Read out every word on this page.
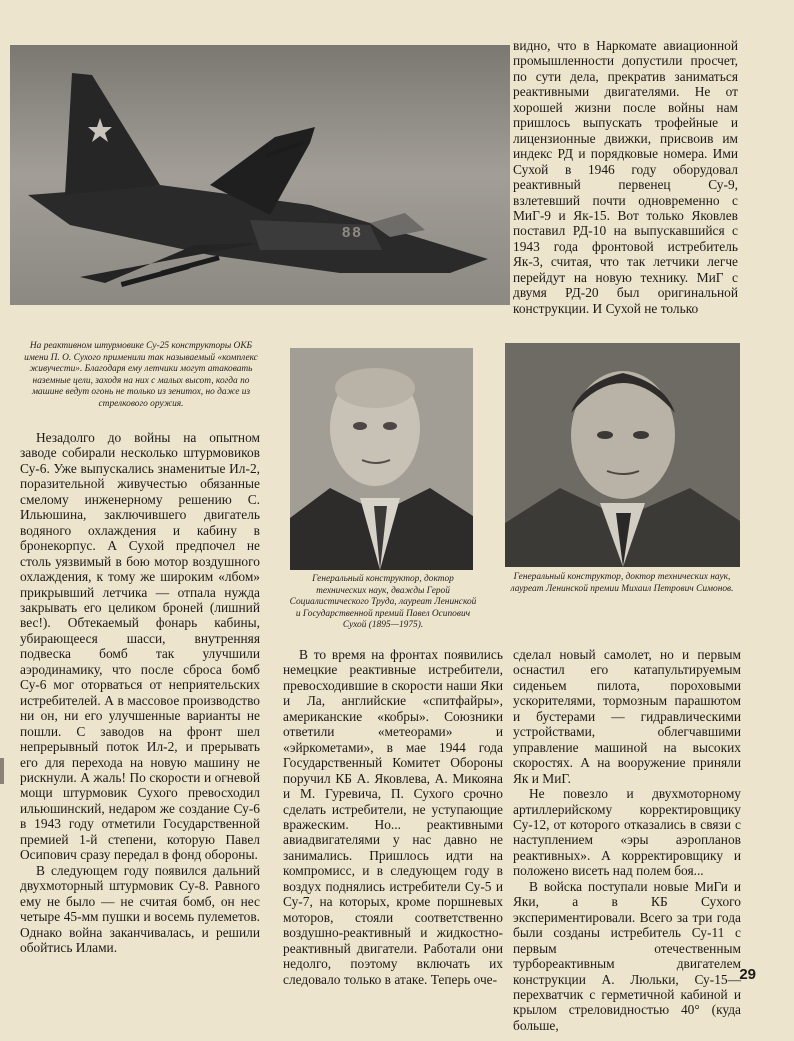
88

На реактивном штурмовике Су-25 конструкторы ОКБ имени П. О. Сухого применили так называемый «комплекс живучести». Благодаря ему летчики могут атаковать наземные цели, заходя на них с малых высот, когда по машине ведут огонь не только из зенитох, но даже из стрелкового оружия.

Генеральный конструктор, доктор технических наук, дважды Герой Социалистического Труда, лауреат Ленинской и Государственной премий Павел Осипович Сухой (1895—1975).

Генеральный конструктор, доктор технических наук, лауреат Ленинской премии Михаил Петрович Симонов.

видно, что в Наркомате авиационной промышленности допустили просчет, по сути дела, прекратив заниматься реактивными двигателями. Не от хорошей жизни после войны нам пришлось выпускать трофейные и лицензионные движки, присвоив им индекс РД и порядковые номера. Ими Сухой в 1946 году оборудовал реактивный первенец Су-9, взлетевший почти одновременно с МиГ-9 и Як-15. Вот только Яковлев поставил РД-10 на выпускавшийся с 1943 года фронтовой истребитель Як-3, считая, что так летчики легче перейдут на новую технику. МиГ с двумя РД-20 был оригинальной конструкции. И Сухой не только

Незадолго до войны на опытном заводе собирали несколько штурмовиков Су-6. Уже выпускались знаменитые Ил-2, поразительной живучестью обязанные смелому инженерному решению С. Ильюшина, заключившего двигатель водяного охлаждения и кабину в бронекорпус. А Сухой предпочел не столь уязвимый в бою мотор воздушного охлаждения, к тому же широким «лбом» прикрывший летчика — отпала нужда закрывать его целиком броней (лишний вес!). Обтекаемый фонарь кабины, убирающееся шасси, внутренняя подвеска бомб так улучшили аэродинамику, что после сброса бомб Су-6 мог оторваться от неприятельских истребителей. А в массовое производство ни он, ни его улучшенные варианты не пошли. С заводов на фронт шел непрерывный поток Ил-2, и прерывать его для перехода на новую машину не рискнули. А жаль! По скорости и огневой мощи штурмовик Сухого превосходил ильюшинский, недаром же создание Су-6 в 1943 году отметили Государственной премией 1-й степени, которую Павел Осипович сразу передал в фонд обороны.

В следующем году появился дальний двухмоторный штурмовик Су-8. Равного ему не было — не считая бомб, он нес четыре 45-мм пушки и восемь пулеметов. Однако война заканчивалась, и решили обойтись Илами.

В то время на фронтах появились немецкие реактивные истребители, превосходившие в скорости наши Яки и Ла, английские «спитфайры», американские «кобры». Союзники ответили «метеорами» и «эйркометами», в мае 1944 года Государственный Комитет Обороны поручил КБ А. Яковлева, А. Микояна и М. Гуревича, П. Сухого срочно сделать истребители, не уступающие вражеским. Но... реактивными авиадвигателями у нас давно не занимались. Пришлось идти на компромисс, и в следующем году в воздух поднялись истребители Су-5 и Су-7, на которых, кроме поршневых моторов, стояли соответственно воздушно-реактивный и жидкостно-реактивный двигатели. Работали они недолго, поэтому включать их следовало только в атаке. Теперь оче-

сделал новый самолет, но и первым оснастил его катапультируемым сиденьем пилота, пороховыми ускорителями, тормозным парашютом и бустерами — гидравлическими устройствами, облегчавшими управление машиной на высоких скоростях. А на вооружение приняли Як и МиГ.

Не повезло и двухмоторному артиллерийскому корректировщику Су-12, от которого отказались в связи с наступлением «эры аэропланов реактивных». А корректировщику и положено висеть над полем боя...

В войска поступали новые МиГи и Яки, а в КБ Сухого экспериментировали. Всего за три года были созданы истребитель Су-11 с первым отечественным турбореактивным двигателем конструкции А. Люльки, Су-15— перехватчик с герметичной кабиной и крылом стреловидностью 40° (куда больше,

29
